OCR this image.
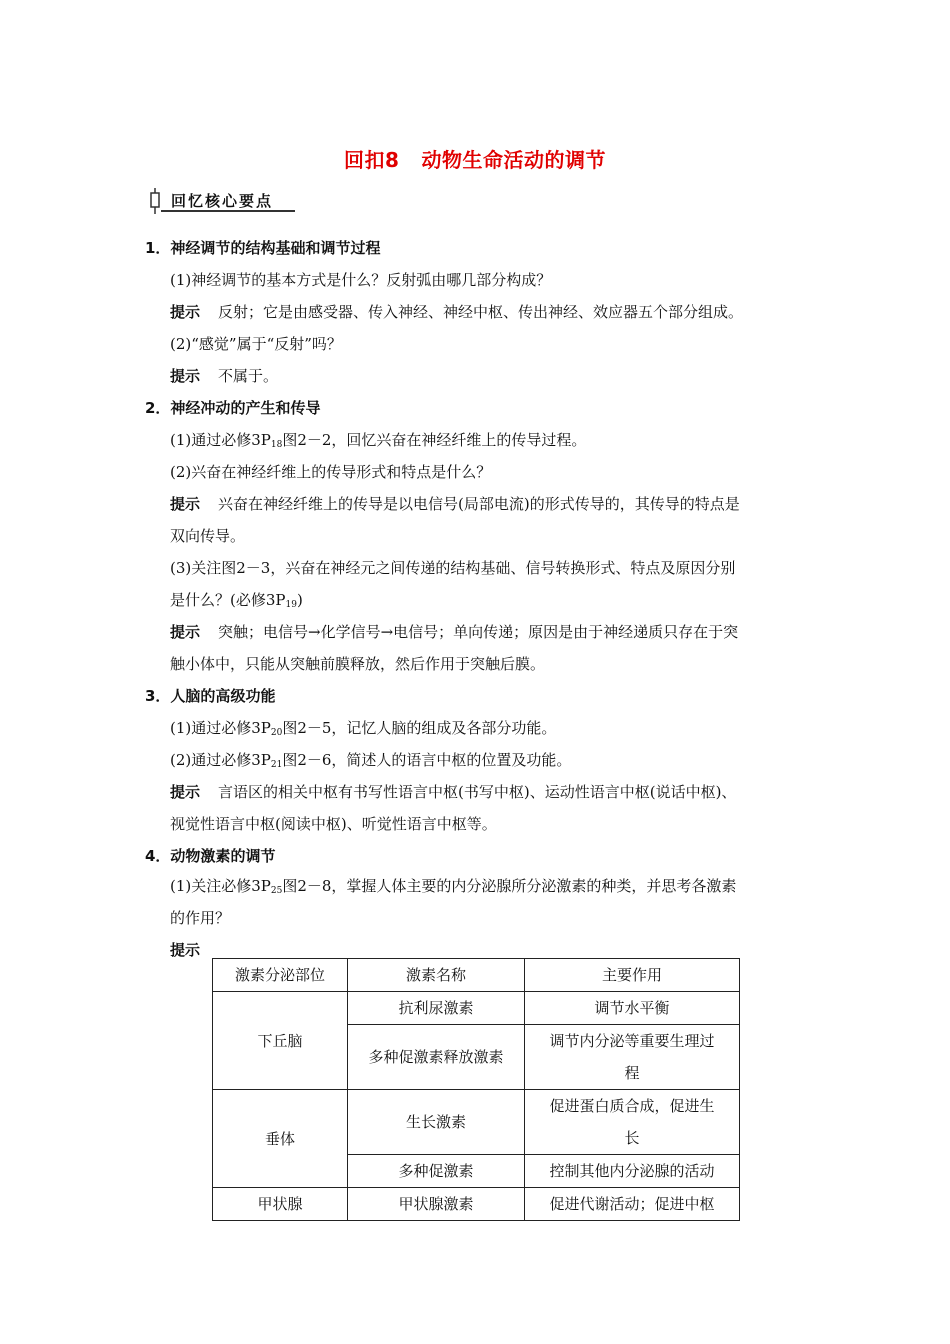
回扣8 动物生命活动的调节
回忆核心要点
1．神经调节的结构基础和调节过程
(1)神经调节的基本方式是什么？反射弧由哪几部分构成？
提示 反射；它是由感受器、传入神经、神经中枢、传出神经、效应器五个部分组成。
(2)“感觉”属于“反射”吗？
提示 不属于。
2．神经冲动的产生和传导
(1)通过必修$3P_{18}$图2－2，回忆兴奋在神经纤维上的传导过程。
(2)兴奋在神经纤维上的传导形式和特点是什么？
提示 兴奋在神经纤维上的传导是以电信号(局部电流)的形式传导的，其传导的特点是
双向传导。
(3)关注图2－3，兴奋在神经元之间传递的结构基础、信号转换形式、特点及原因分别
是什么？(必修$3P_{19}$)
提示 突触；电信号→化学信号→电信号；单向传递；原因是由于神经递质只存在于突
触小体中，只能从突触前膜释放，然后作用于突触后膜。
3．人脑的高级功能
(1)通过必修$3P_{20}$图2－5，记忆人脑的组成及各部分功能。
(2)通过必修$3P_{21}$图2－6，简述人的语言中枢的位置及功能。
提示 言语区的相关中枢有书写性语言中枢(书写中枢)、运动性语言中枢(说话中枢)、
视觉性语言中枢(阅读中枢)、听觉性语言中枢等。
4．动物激素的调节
(1)关注必修$3P_{25}$图2－8，掌握人体主要的内分泌腺所分泌激素的种类，并思考各激素
的作用？
提示
激素分泌部位	激素名称	主要作用
下丘脑	抗利尿激素	调节水平衡
	多种促激素释放激素	调节内分泌等重要生理过
程

垂体	生长激素	促进蛋白质合成，促进生
长

	多种促激素	控制其他内分泌腺的活动
甲状腺	甲状腺激素	促进代谢活动；促进中枢
